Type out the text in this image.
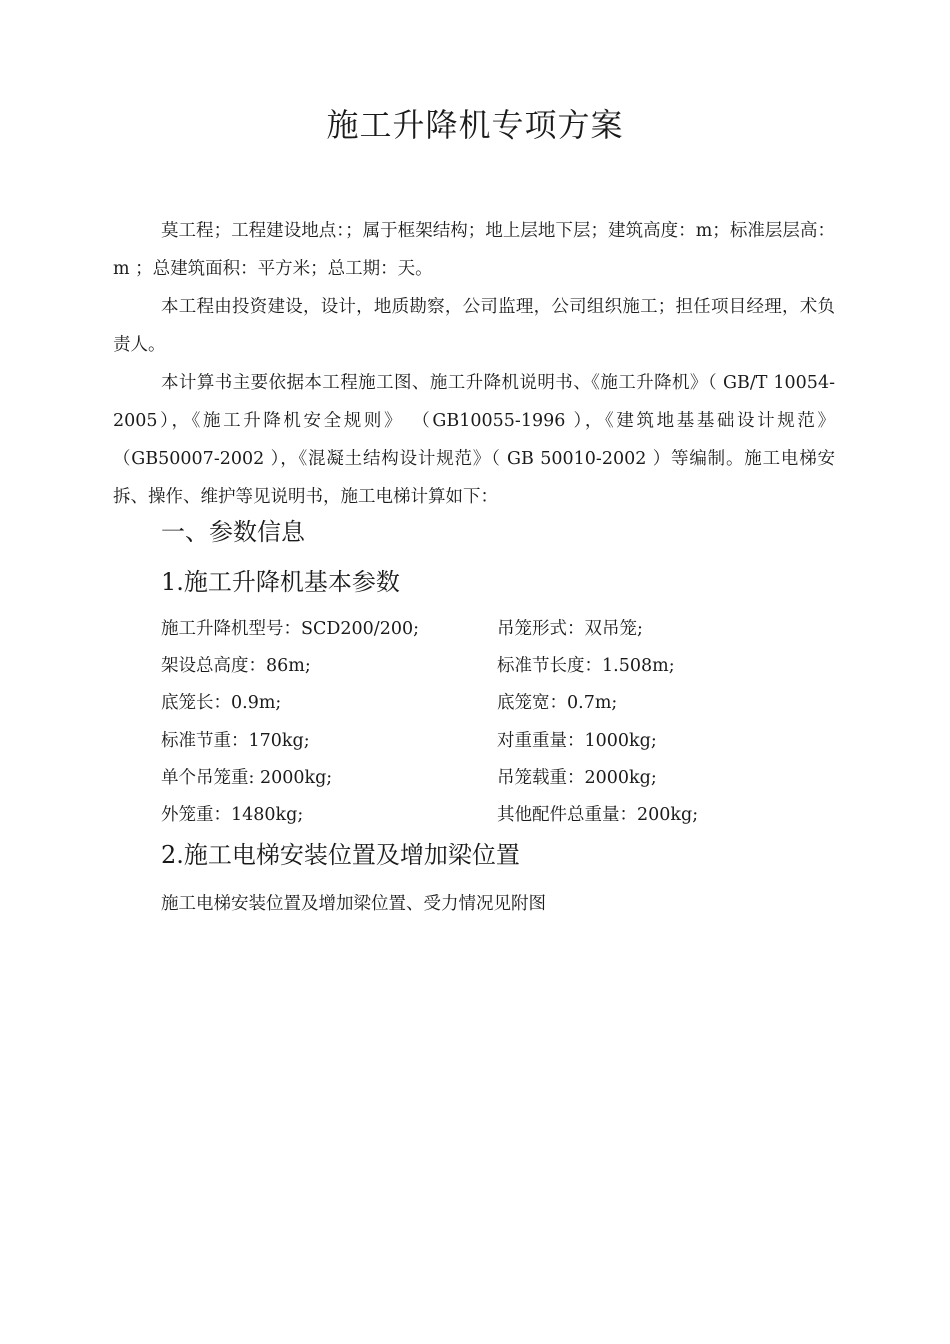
施工升降机专项方案

莫工程；工程建设地点：；属于框架结构；地上层地下层；建筑高度：m；标准层层高： m ；总建筑面积：平方米；总工期：天。

本工程由投资建设，设计，地质勘察，公司监理，公司组织施工；担任项目经理，术负责人。

本计算书主要依据本工程施工图、施工升降机说明书、《施工升降机》（ GB/T 10054-2005），《施工升降机安全规则》 （GB10055-1996 ），《建筑地基基础设计规范》（GB50007-2002 ），《混凝土结构设计规范》（ GB 50010-2002 ）等编制。施工电梯安拆、操作、维护等见说明书，施工电梯计算如下：

一、参数信息
1.施工升降机基本参数
施工升降机型号：SCD200/200;	吊笼形式：双吊笼;
架设总高度：86m;	标准节长度：1.508m;
底笼长：0.9m;	底笼宽：0.7m;
标准节重：170kg;	对重重量：1000kg;
单个吊笼重: 2000kg;	吊笼载重：2000kg;
外笼重：1480kg;	其他配件总重量：200kg;
2.施工电梯安装位置及增加梁位置
施工电梯安装位置及增加梁位置、受力情况见附图
